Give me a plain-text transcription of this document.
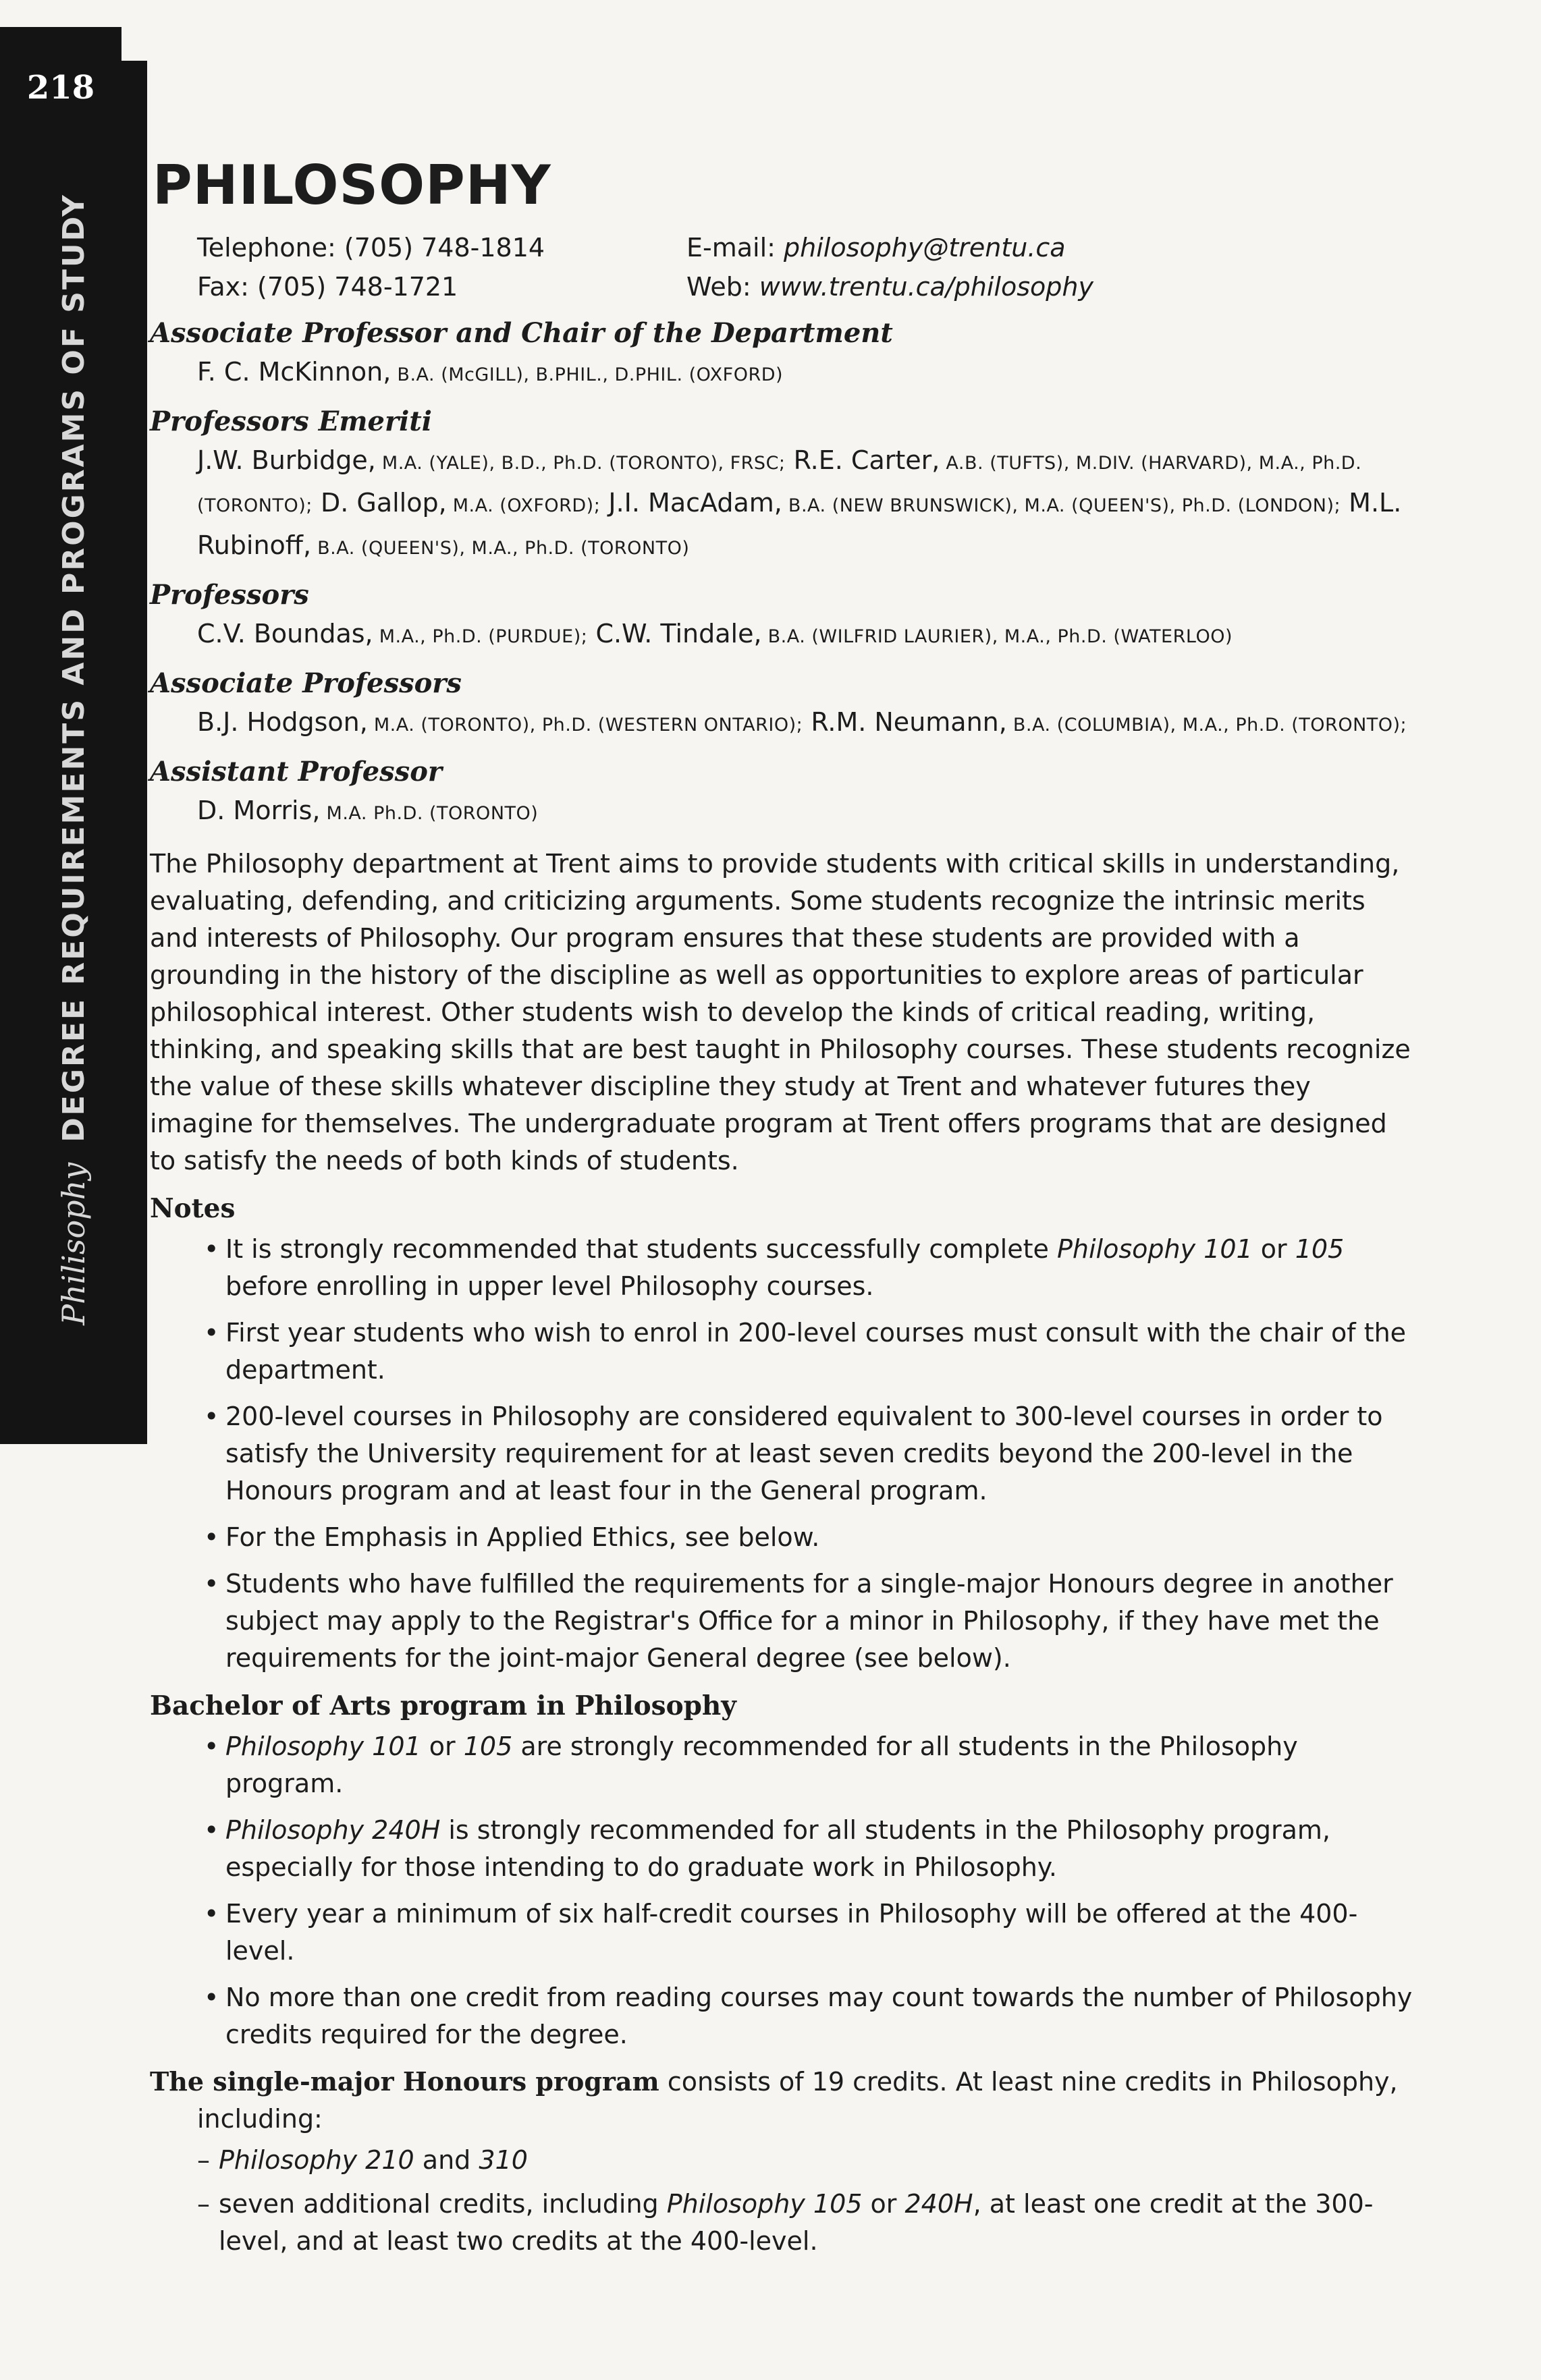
218
Philisophy
DEGREE REQUIREMENTS AND PROGRAMS OF STUDY
PHILOSOPHY
Telephone: (705) 748-1814	E-mail: philosophy@trentu.ca
Fax: (705) 748-1721	Web: www.trentu.ca/philosophy
Associate Professor and Chair of the Department
F. C. McKinnon, B.A. (McGILL), B.PHIL., D.PHIL. (OXFORD)
Professors Emeriti
J.W. Burbidge, M.A. (YALE), B.D., Ph.D. (TORONTO), FRSC; R.E. Carter, A.B. (TUFTS), M.DIV. (HARVARD), M.A., Ph.D. (TORONTO); D. Gallop, M.A. (OXFORD); J.I. MacAdam, B.A. (NEW BRUNSWICK), M.A. (QUEEN'S), Ph.D. (LONDON); M.L. Rubinoff, B.A. (QUEEN'S), M.A., Ph.D. (TORONTO)
Professors
C.V. Boundas, M.A., Ph.D. (PURDUE); C.W. Tindale, B.A. (WILFRID LAURIER), M.A., Ph.D. (WATERLOO)
Associate Professors
B.J. Hodgson, M.A. (TORONTO), Ph.D. (WESTERN ONTARIO); R.M. Neumann, B.A. (COLUMBIA), M.A., Ph.D. (TORONTO);
Assistant Professor
D. Morris, M.A. Ph.D. (TORONTO)

The Philosophy department at Trent aims to provide students with critical skills in understanding, evaluating, defending, and criticizing arguments. Some students recognize the intrinsic merits and interests of Philosophy. Our program ensures that these students are provided with a grounding in the history of the discipline as well as opportunities to explore areas of particular philosophical interest. Other students wish to develop the kinds of critical reading, writing, thinking, and speaking skills that are best taught in Philosophy courses. These students recognize the value of these skills whatever discipline they study at Trent and whatever futures they imagine for themselves. The undergraduate program at Trent offers programs that are designed to satisfy the needs of both kinds of students.

Notes
• It is strongly recommended that students successfully complete Philosophy 101 or 105 before enrolling in upper level Philosophy courses.
• First year students who wish to enrol in 200-level courses must consult with the chair of the department.
• 200-level courses in Philosophy are considered equivalent to 300-level courses in order to satisfy the University requirement for at least seven credits beyond the 200-level in the Honours program and at least four in the General program.
• For the Emphasis in Applied Ethics, see below.
• Students who have fulfilled the requirements for a single-major Honours degree in another subject may apply to the Registrar's Office for a minor in Philosophy, if they have met the requirements for the joint-major General degree (see below).
Bachelor of Arts program in Philosophy
• Philosophy 101 or 105 are strongly recommended for all students in the Philosophy program.
• Philosophy 240H is strongly recommended for all students in the Philosophy program, especially for those intending to do graduate work in Philosophy.
• Every year a minimum of six half-credit courses in Philosophy will be offered at the 400-level.
• No more than one credit from reading courses may count towards the number of Philosophy credits required for the degree.
The single-major Honours program consists of 19 credits. At least nine credits in Philosophy, including:
– Philosophy 210 and 310
– seven additional credits, including Philosophy 105 or 240H, at least one credit at the 300-level, and at least two credits at the 400-level.
